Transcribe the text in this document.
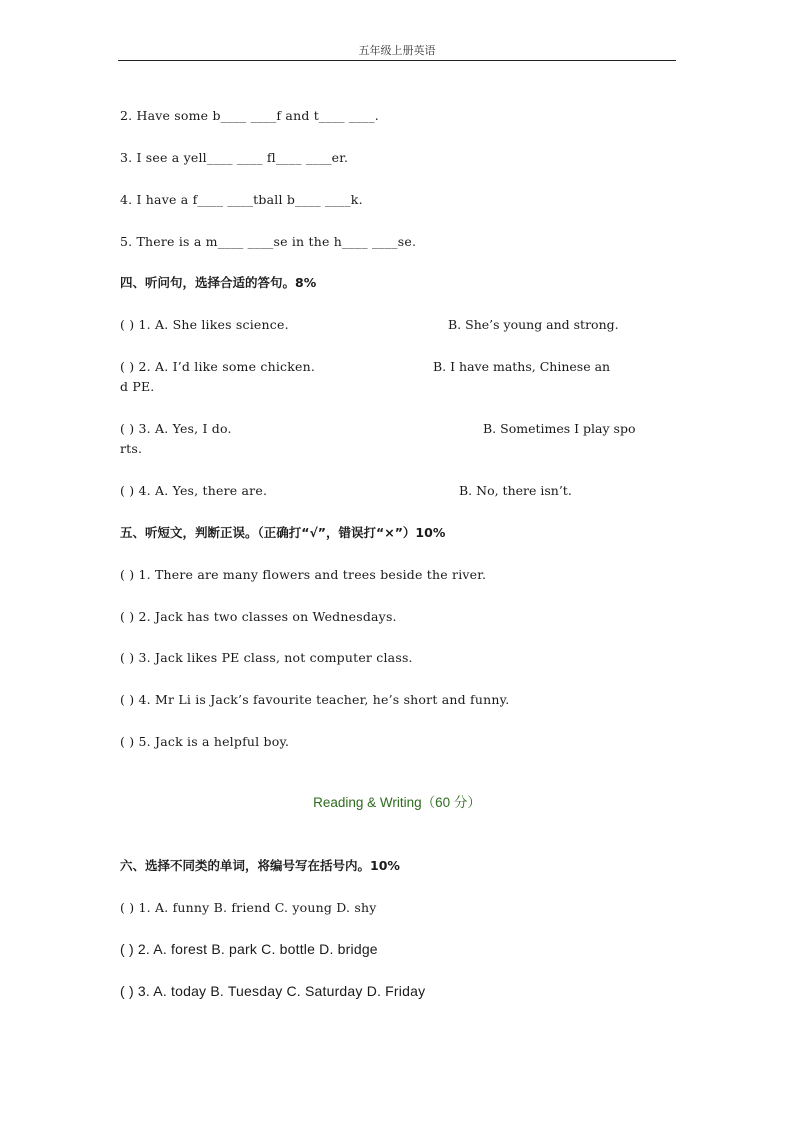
五年级上册英语
2. Have some b____ ____f and t____ ____.
3. I see a yell____ ____ fl____ ____er.
4. I have a f____ ____tball b____ ____k.
5. There is a m____ ____se in the h____ ____se.
四、听问句，选择合适的答句。8%
( ) 1. A. She likes science.	B. She’s young and strong.
( ) 2. A. I’d like some chicken.	B. I have maths, Chinese an
d PE.
( ) 3. A. Yes, I do.	B. Sometimes I play spo
rts.
( ) 4. A. Yes, there are.	B. No, there isn’t.
五、听短文，判断正误。（正确打“√”，错误打“×”）10%
( ) 1. There are many flowers and trees beside the river.
( ) 2. Jack has two classes on Wednesdays.
( ) 3. Jack likes PE class, not computer class.
( ) 4. Mr Li is Jack’s favourite teacher, he’s short and funny.
( ) 5. Jack is a helpful boy.
Reading & Writing（60 分）
六、选择不同类的单词，将编号写在括号内。10%
( ) 1. A. funny B. friend C. young D. shy
( ) 2. A. forest B. park C. bottle D. bridge
( ) 3. A. today B. Tuesday C. Saturday D. Friday
